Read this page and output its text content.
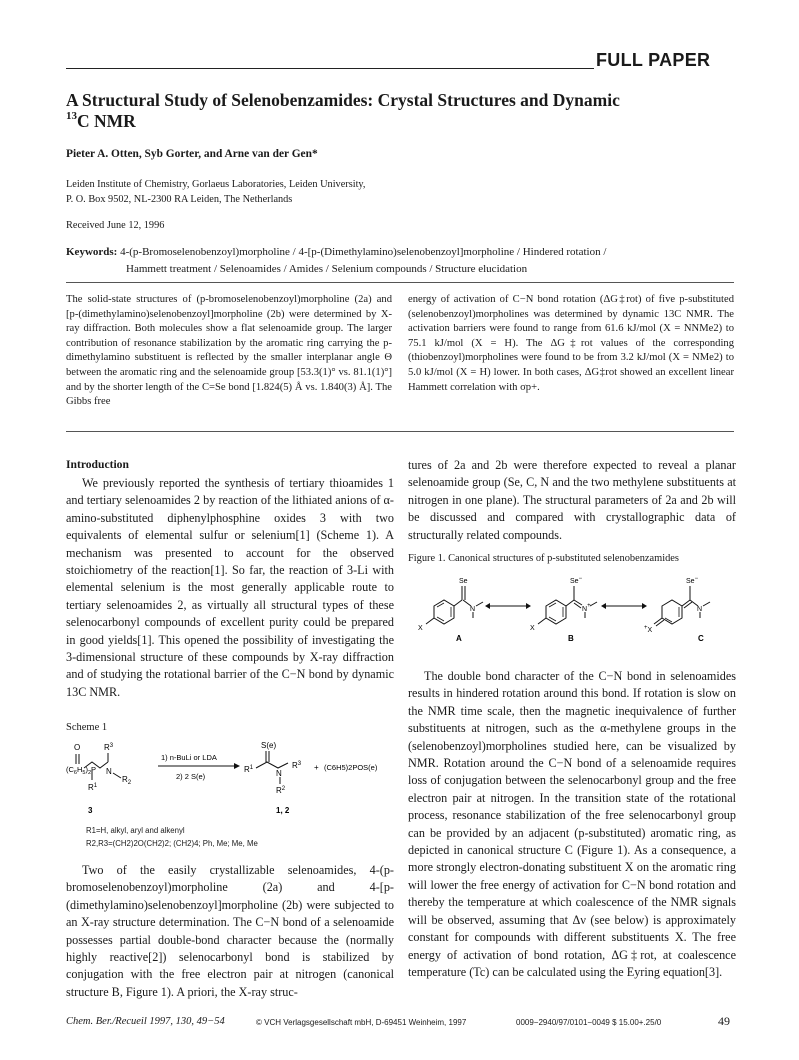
FULL PAPER
A Structural Study of Selenobenzamides: Crystal Structures and Dynamic
$^{13}$C NMR
Pieter A. Otten, Syb Gorter, and Arne van der Gen*
Leiden Institute of Chemistry, Gorlaeus Laboratories, Leiden University,
P. O. Box 9502, NL-2300 RA Leiden, The Netherlands
Received June 12, 1996
Keywords: 4-(p-Bromoselenobenzoyl)morpholine / 4-[p-(Dimethylamino)selenobenzoyl]morpholine / Hindered rotation /
Hammett treatment / Selenoamides / Amides / Selenium compounds / Structure elucidation

The solid-state structures of (p-bromoselenobenzoyl)morpholine (2a) and [p-(dimethylamino)selenobenzoyl]morpholine (2b) were determined by X-ray diffraction. Both molecules show a flat selenoamide group. The larger contribution of resonance stabilization by the aromatic ring carrying the p-dimethylamino substituent is reflected by the smaller interplanar angle Θ between the aromatic ring and the selenoamide group [53.3(1)° vs. 81.1(1)°] and by the shorter length of the C=Se bond [1.824(5) Å vs. 1.840(3) Å]. The Gibbs free

energy of activation of C−N bond rotation (ΔG‡rot) of five p-substituted (selenobenzoyl)morpholines was determined by dynamic 13C NMR. The activation barriers were found to range from 61.6 kJ/mol (X = NNMe2) to 75.1 kJ/mol (X = H). The ΔG‡rot values of the corresponding (thiobenzoyl)morpholines were found to be from 3.2 kJ/mol (X = NMe2) to 5.0 kJ/mol (X = H) lower. In both cases, ΔG‡rot showed an excellent linear Hammett correlation with σp+.

Introduction

We previously reported the synthesis of tertiary thioamides 1 and tertiary selenoamides 2 by reaction of the lithiated anions of α-amino-substituted diphenylphosphine oxides 3 with two equivalents of elemental sulfur or selenium[1] (Scheme 1). A mechanism was presented to account for the observed stoichiometry of the reaction[1]. So far, the reaction of 3-Li with elemental selenium is the most generally applicable route to tertiary selenoamides 2, as virtually all structural types of these selenocarbonyl compounds of excellent purity could be prepared in good yields[1]. This opened the possibility of investigating the 3-dimensional structure of these compounds by X-ray diffraction and of studying the rotational barrier of the C−N bond by dynamic 13C NMR.

Scheme 1
O	$R^3$
$(C_6H_5)_2P$ N
$R_2$
$R^1$
3
1) n-BuLi or LDA
2) 2 S(e)
S(e)
$R^1$
N
$R^3$
$R^2$
1, 2
+ (C6H5)2POS(e)
R1=H, alkyl, aryl and alkenyl
R2,R3=(CH2)2O(CH2)2; (CH2)4; Ph, Me; Me, Me

Two of the easily crystallizable selenoamides, 4-(p-bromoselenobenzoyl)morpholine (2a) and 4-[p-(dimethylamino)selenobenzoyl]morpholine (2b) were subjected to an X-ray structure determination. The C−N bond of a selenoamide possesses partial double-bond character because the (normally highly reactive[2]) selenocarbonyl bond is stabilized by conjugation with the free electron pair at nitrogen (canonical structure B, Figure 1). A priori, the X-ray struc-

tures of 2a and 2b were therefore expected to reveal a planar selenoamide group (Se, C, N and the two methylene substituents at nitrogen in one plane). The structural parameters of 2a and 2b will be discussed and compared with crystallographic data of structurally related compounds.

Figure 1. Canonical structures of p-substituted selenobenzamides
X
Se
N
A
X
Se−
N+
B
+X
Se−
N
C

The double bond character of the C−N bond in selenoamides results in hindered rotation around this bond. If rotation is slow on the NMR time scale, then the magnetic inequivalence of further substituents at nitrogen, such as the α-methylene groups in the (selenobenzoyl)morpholines studied here, can be visualized by NMR. Rotation around the C−N bond of a selenoamide requires loss of conjugation between the selenocarbonyl group and the free electron pair at nitrogen. In the transition state of the rotational process, resonance stabilization of the free selenocarbonyl group can be provided by an adjacent (p-substituted) aromatic ring, as depicted in canonical structure C (Figure 1). As a consequence, a more strongly electron-donating substituent X on the aromatic ring will lower the free energy of activation for C−N bond rotation and thereby the temperature at which coalescence of the NMR signals will be observed, assuming that Δν (see below) is approximately constant for compounds with different substituents X. The free energy of activation of bond rotation, ΔG‡rot, at coalescence temperature (Tc) can be calculated using the Eyring equation[3].

Chem. Ber./Recueil 1997, 130, 49−54	© VCH Verlagsgesellschaft mbH, D-69451 Weinheim, 1997	0009−2940/97/0101−0049 $ 15.00+.25/0	49
